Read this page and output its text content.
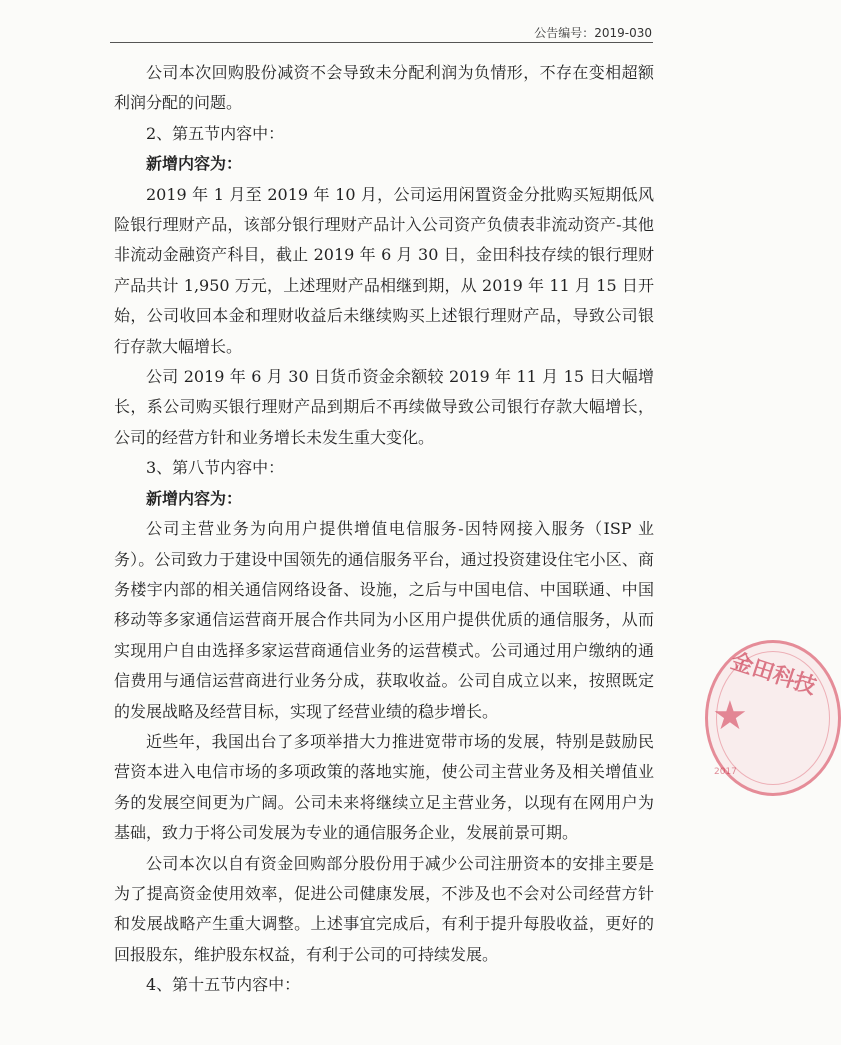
公告编号：2019-030

公司本次回购股份减资不会导致未分配利润为负情形，不存在变相超额利润分配的问题。

2、第五节内容中：

新增内容为：

2019 年 1 月至 2019 年 10 月，公司运用闲置资金分批购买短期低风险银行理财产品，该部分银行理财产品计入公司资产负债表非流动资产-其他非流动金融资产科目，截止 2019 年 6 月 30 日，金田科技存续的银行理财产品共计 1,950 万元，上述理财产品相继到期，从 2019 年 11 月 15 日开始，公司收回本金和理财收益后未继续购买上述银行理财产品，导致公司银行存款大幅增长。

公司 2019 年 6 月 30 日货币资金余额较 2019 年 11 月 15 日大幅增长，系公司购买银行理财产品到期后不再续做导致公司银行存款大幅增长，公司的经营方针和业务增长未发生重大变化。

3、第八节内容中：

新增内容为：

公司主营业务为向用户提供增值电信服务-因特网接入服务（ISP 业务）。公司致力于建设中国领先的通信服务平台，通过投资建设住宅小区、商务楼宇内部的相关通信网络设备、设施，之后与中国电信、中国联通、中国移动等多家通信运营商开展合作共同为小区用户提供优质的通信服务，从而实现用户自由选择多家运营商通信业务的运营模式。公司通过用户缴纳的通信费用与通信运营商进行业务分成，获取收益。公司自成立以来，按照既定的发展战略及经营目标，实现了经营业绩的稳步增长。

近些年，我国出台了多项举措大力推进宽带市场的发展，特别是鼓励民营资本进入电信市场的多项政策的落地实施，使公司主营业务及相关增值业务的发展空间更为广阔。公司未来将继续立足主营业务，以现有在网用户为基础，致力于将公司发展为专业的通信服务企业，发展前景可期。

公司本次以自有资金回购部分股份用于减少公司注册资本的安排主要是为了提高资金使用效率，促进公司健康发展，不涉及也不会对公司经营方针和发展战略产生重大调整。上述事宜完成后，有利于提升每股收益，更好的回报股东，维护股东权益，有利于公司的可持续发展。

4、第十五节内容中：

金田科技
★
2017
